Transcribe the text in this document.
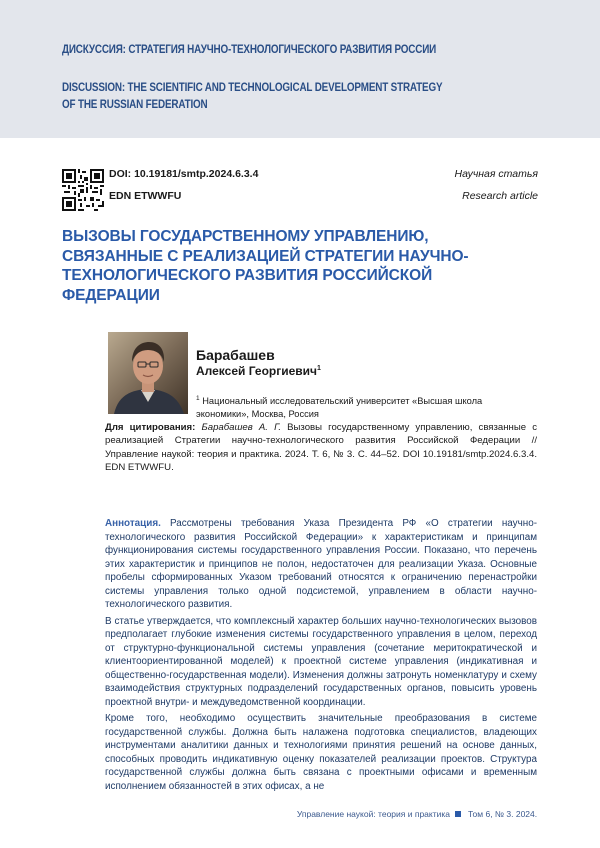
ДИСКУССИЯ: СТРАТЕГИЯ НАУЧНО-ТЕХНОЛОГИЧЕСКОГО РАЗВИТИЯ РОССИИ
DISCUSSION: THE SCIENTIFIC AND TECHNOLOGICAL DEVELOPMENT STRATEGY
OF THE RUSSIAN FEDERATION
DOI: 10.19181/smtp.2024.6.3.4
EDN ETWWFU
Научная статья
Research article
ВЫЗОВЫ ГОСУДАРСТВЕННОМУ УПРАВЛЕНИЮ, СВЯЗАННЫЕ С РЕАЛИЗАЦИЕЙ СТРАТЕГИИ НАУЧНО-ТЕХНОЛОГИЧЕСКОГО РАЗВИТИЯ РОССИЙСКОЙ ФЕДЕРАЦИИ
Барабашев
Алексей Георгиевич$^1$
$^1$ Национальный исследовательский университет «Высшая школа экономики», Москва, Россия
Для цитирования: Барабашев А. Г. Вызовы государственному управлению, связанные с реализацией Стратегии научно-технологического развития Российской Федерации // Управление наукой: теория и практика. 2024. Т. 6, № 3. С. 44–52. DOI 10.19181/smtp.2024.6.3.4. EDN ETWWFU.

Аннотация. Рассмотрены требования Указа Президента РФ «О стратегии научно-технологического развития Российской Федерации» к характеристикам и принципам функционирования системы государственного управления России. Показано, что перечень этих характеристик и принципов не полон, недостаточен для реализации Указа. Основные пробелы сформированных Указом требований относятся к ограничению перенастройки системы управления только одной подсистемой, управлением в области научно-технологического развития.

В статье утверждается, что комплексный характер больших научно-технологических вызовов предполагает глубокие изменения системы государственного управления в целом, переход от структурно-функциональной системы управления (сочетание меритократической и клиентоориентированной моделей) к проектной системе управления (индикативная и общественно-государственная модели). Изменения должны затронуть номенклатуру и схему взаимодействия структурных подразделений государственных органов, повысить уровень проектной внутри- и междуведомственной координации.

Кроме того, необходимо осуществить значительные преобразования в системе государственной службы. Должна быть налажена подготовка специалистов, владеющих инструментами аналитики данных и технологиями принятия решений на основе данных, способных проводить индикативную оценку показателей реализации проектов. Структура государственной службы должна быть связана с проектными офисами и временным исполнением обязанностей в этих офисах, а не

Управление наукой: теория и практика Том 6, № 3. 2024.
